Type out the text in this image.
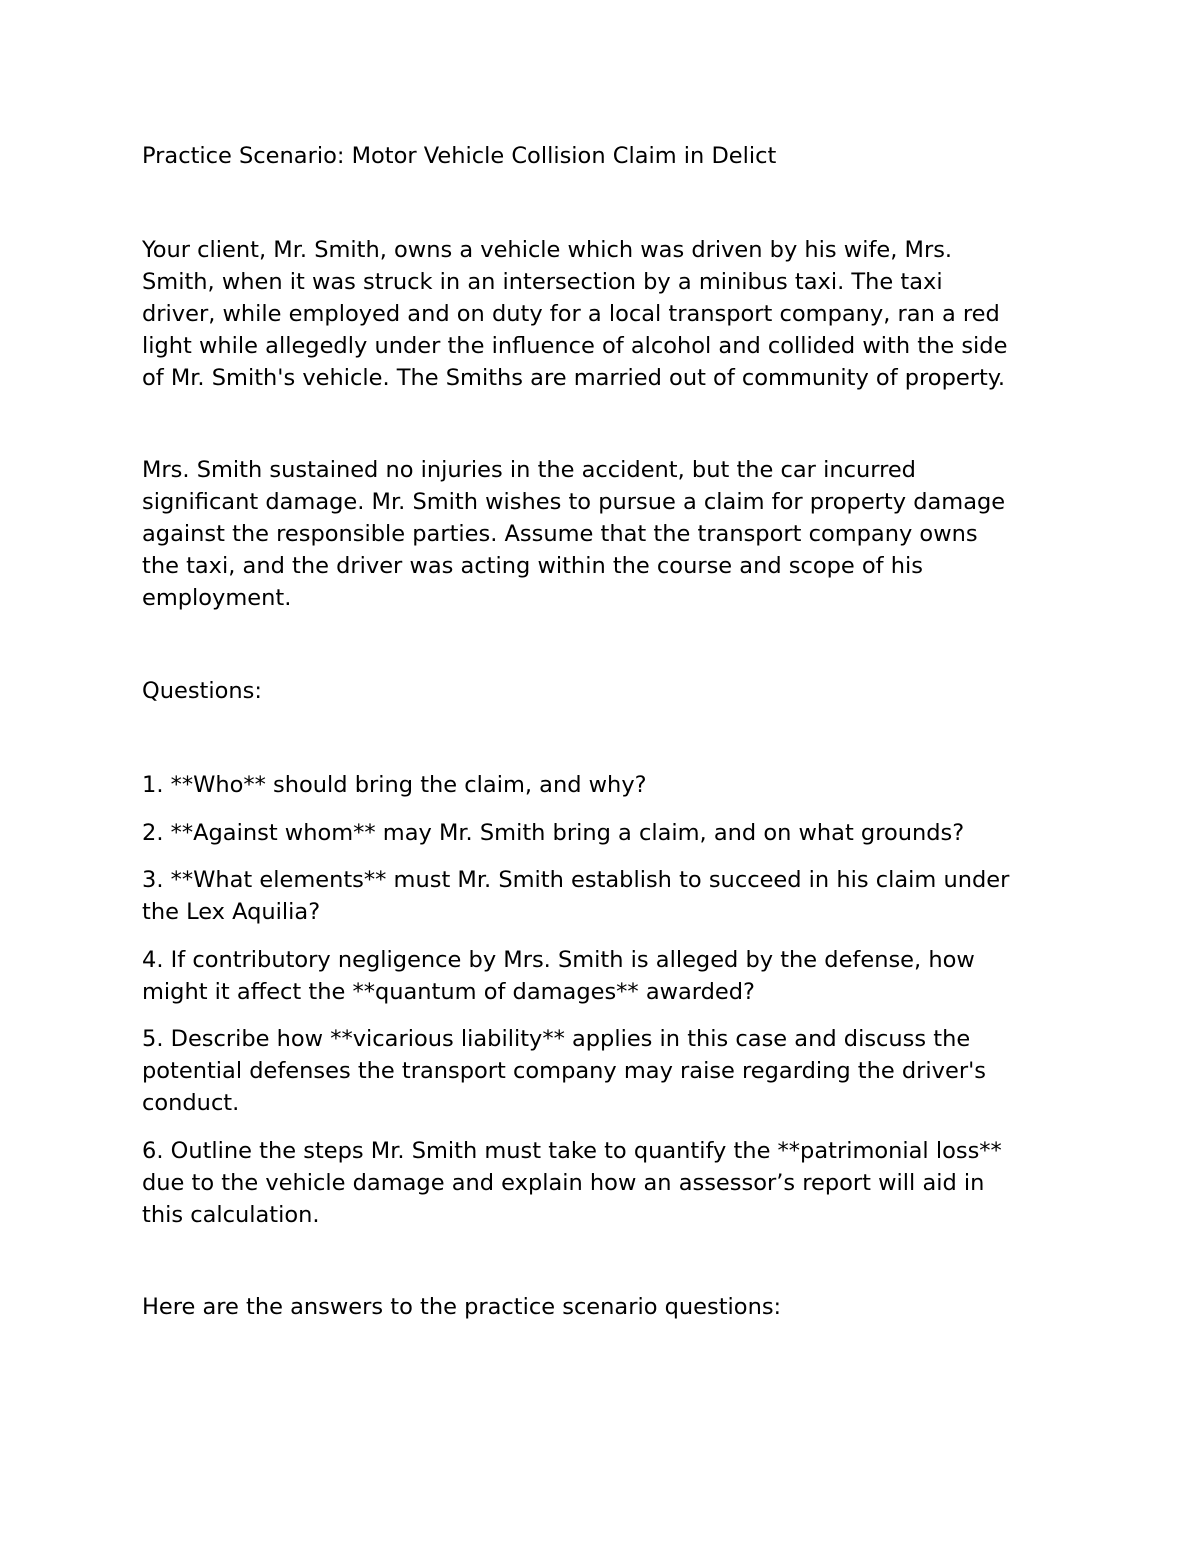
Practice Scenario: Motor Vehicle Collision Claim in Delict
Your client, Mr. Smith, owns a vehicle which was driven by his wife, Mrs.
Smith, when it was struck in an intersection by a minibus taxi. The taxi
driver, while employed and on duty for a local transport company, ran a red
light while allegedly under the influence of alcohol and collided with the side
of Mr. Smith's vehicle. The Smiths are married out of community of property.
Mrs. Smith sustained no injuries in the accident, but the car incurred
significant damage. Mr. Smith wishes to pursue a claim for property damage
against the responsible parties. Assume that the transport company owns
the taxi, and the driver was acting within the course and scope of his
employment.
Questions:
1. **Who** should bring the claim, and why?
2. **Against whom** may Mr. Smith bring a claim, and on what grounds?
3. **What elements** must Mr. Smith establish to succeed in his claim under
the Lex Aquilia?
4. If contributory negligence by Mrs. Smith is alleged by the defense, how
might it affect the **quantum of damages** awarded?
5. Describe how **vicarious liability** applies in this case and discuss the
potential defenses the transport company may raise regarding the driver's
conduct.
6. Outline the steps Mr. Smith must take to quantify the **patrimonial loss**
due to the vehicle damage and explain how an assessor’s report will aid in
this calculation.
Here are the answers to the practice scenario questions:
